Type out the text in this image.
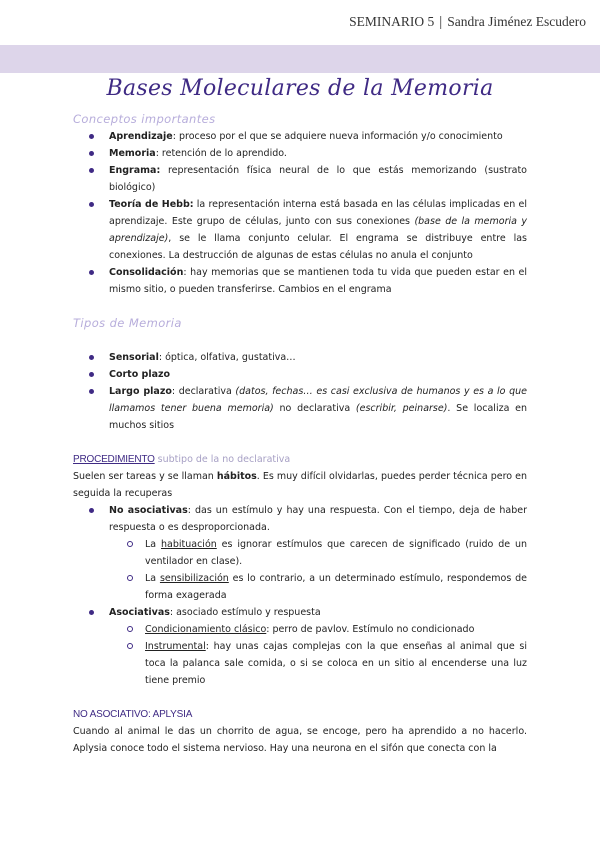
SEMINARIO 5 | Sandra Jiménez Escudero
Bases Moleculares de la Memoria
Conceptos importantes
Aprendizaje: proceso por el que se adquiere nueva información y/o conocimiento
Memoria: retención de lo aprendido.
Engrama: representación física neural de lo que estás memorizando (sustrato biológico)
Teoría de Hebb: la representación interna está basada en las células implicadas en el aprendizaje. Este grupo de células, junto con sus conexiones (base de la memoria y aprendizaje), se le llama conjunto celular. El engrama se distribuye entre las conexiones. La destrucción de algunas de estas células no anula el conjunto
Consolidación: hay memorias que se mantienen toda tu vida que pueden estar en el mismo sitio, o pueden transferirse. Cambios en el engrama
Tipos de Memoria
Sensorial: óptica, olfativa, gustativa…
Corto plazo
Largo plazo: declarativa (datos, fechas… es casi exclusiva de humanos y es a lo que llamamos tener buena memoria) no declarativa (escribir, peinarse). Se localiza en muchos sitios
PROCEDIMIENTO subtipo de la no declarativa

Suelen ser tareas y se llaman hábitos. Es muy difícil olvidarlas, puedes perder técnica pero en seguida la recuperas

No asociativas: das un estímulo y hay una respuesta. Con el tiempo, deja de haber respuesta o es desproporcionada.
La habituación es ignorar estímulos que carecen de significado (ruido de un ventilador en clase).
La sensibilización es lo contrario, a un determinado estímulo, respondemos de forma exagerada
Asociativas: asociado estímulo y respuesta
Condicionamiento clásico: perro de pavlov. Estímulo no condicionado
Instrumental: hay unas cajas complejas con la que enseñas al animal que si toca la palanca sale comida, o si se coloca en un sitio al encenderse una luz tiene premio
NO ASOCIATIVO: APLYSIA

Cuando al animal le das un chorrito de agua, se encoge, pero ha aprendido a no hacerlo. Aplysia conoce todo el sistema nervioso. Hay una neurona en el sifón que conecta con la
